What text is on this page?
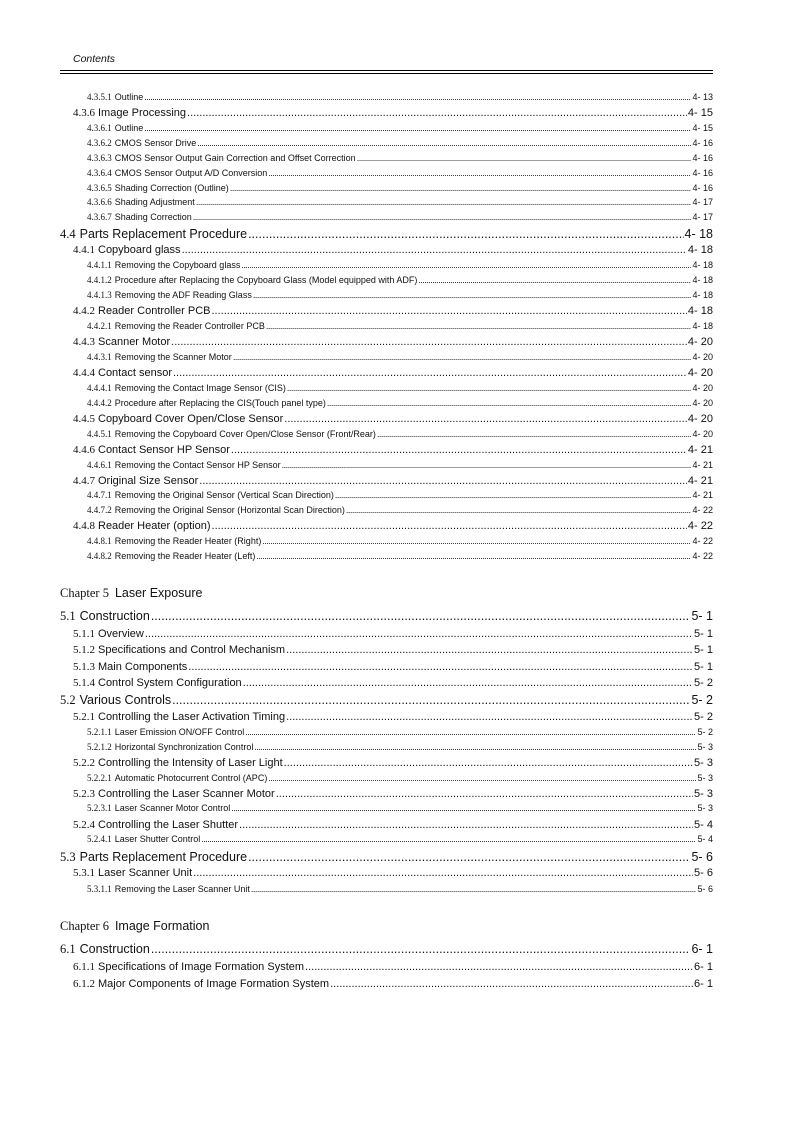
Contents
4.3.5.1 Outline .....	4- 13
4.3.6 Image Processing .....	4- 15
4.3.6.1 Outline .....	4- 15
4.3.6.2 CMOS Sensor Drive .....	4- 16
4.3.6.3 CMOS Sensor Output Gain Correction and Offset Correction .....	4- 16
4.3.6.4 CMOS Sensor Output A/D Conversion .....	4- 16
4.3.6.5 Shading Correction (Outline) .....	4- 16
4.3.6.6 Shading Adjustment .....	4- 17
4.3.6.7 Shading Correction .....	4- 17
4.4 Parts Replacement Procedure .....	4- 18
4.4.1 Copyboard glass .....	4- 18
4.4.1.1 Removing the Copyboard glass .....	4- 18
4.4.1.2 Procedure after Replacing the Copyboard Glass (Model equipped with ADF) .....	4- 18
4.4.1.3 Removing the ADF Reading Glass .....	4- 18
4.4.2 Reader Controller PCB .....	4- 18
4.4.2.1 Removing the Reader Controller PCB .....	4- 18
4.4.3 Scanner Motor .....	4- 20
4.4.3.1 Removing the Scanner Motor .....	4- 20
4.4.4 Contact sensor .....	4- 20
4.4.4.1 Removing the Contact Image Sensor (CIS) .....	4- 20
4.4.4.2 Procedure after Replacing the CIS(Touch panel type) .....	4- 20
4.4.5 Copyboard Cover Open/Close Sensor .....	4- 20
4.4.5.1 Removing the Copyboard Cover Open/Close Sensor (Front/Rear) .....	4- 20
4.4.6 Contact Sensor HP Sensor .....	4- 21
4.4.6.1 Removing the Contact Sensor HP Sensor .....	4- 21
4.4.7 Original Size Sensor .....	4- 21
4.4.7.1 Removing the Original Sensor (Vertical Scan Direction) .....	4- 21
4.4.7.2 Removing the Original Sensor (Horizontal Scan Direction) .....	4- 22
4.4.8 Reader Heater (option) .....	4- 22
4.4.8.1 Removing the Reader Heater (Right) .....	4- 22
4.4.8.2 Removing the Reader Heater (Left) .....	4- 22
Chapter 5 Laser Exposure
5.1 Construction .....	5- 1
5.1.1 Overview .....	5- 1
5.1.2 Specifications and Control Mechanism .....	5- 1
5.1.3 Main Components .....	5- 1
5.1.4 Control System Configuration .....	5- 2
5.2 Various Controls .....	5- 2
5.2.1 Controlling the Laser Activation Timing .....	5- 2
5.2.1.1 Laser Emission ON/OFF Control .....	5- 2
5.2.1.2 Horizontal Synchronization Control .....	5- 3
5.2.2 Controlling the Intensity of Laser Light .....	5- 3
5.2.2.1 Automatic Photocurrent Control (APC) .....	5- 3
5.2.3 Controlling the Laser Scanner Motor .....	5- 3
5.2.3.1 Laser Scanner Motor Control .....	5- 3
5.2.4 Controlling the Laser Shutter .....	5- 4
5.2.4.1 Laser Shutter Control .....	5- 4
5.3 Parts Replacement Procedure .....	5- 6
5.3.1 Laser Scanner Unit .....	5- 6
5.3.1.1 Removing the Laser Scanner Unit .....	5- 6
Chapter 6 Image Formation
6.1 Construction .....	6- 1
6.1.1 Specifications of Image Formation System .....	6- 1
6.1.2 Major Components of Image Formation System .....	6- 1
